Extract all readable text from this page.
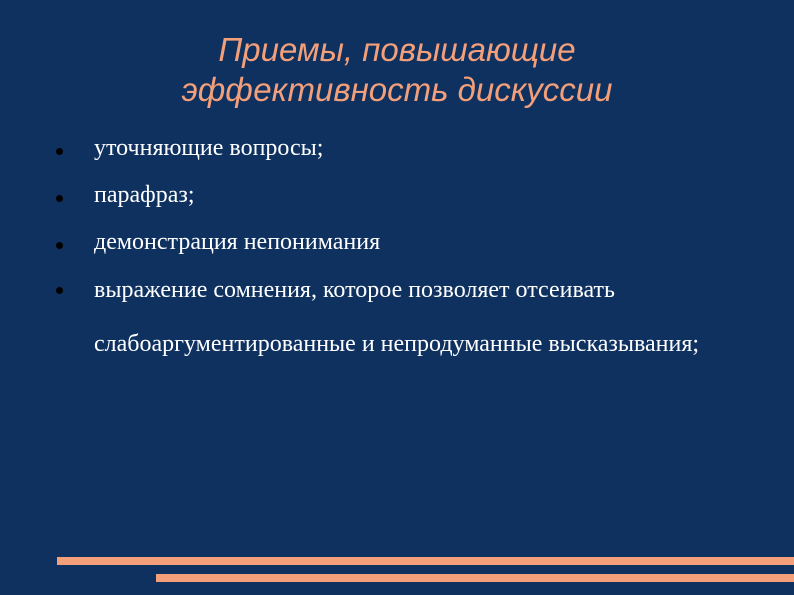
Приемы, повышающие
эффективность дискуссии
уточняющие вопросы;
парафраз;
демонстрация непонимания
выражение сомнения, которое позволяет отсеивать слабоаргументированные и непродуманные высказывания;
